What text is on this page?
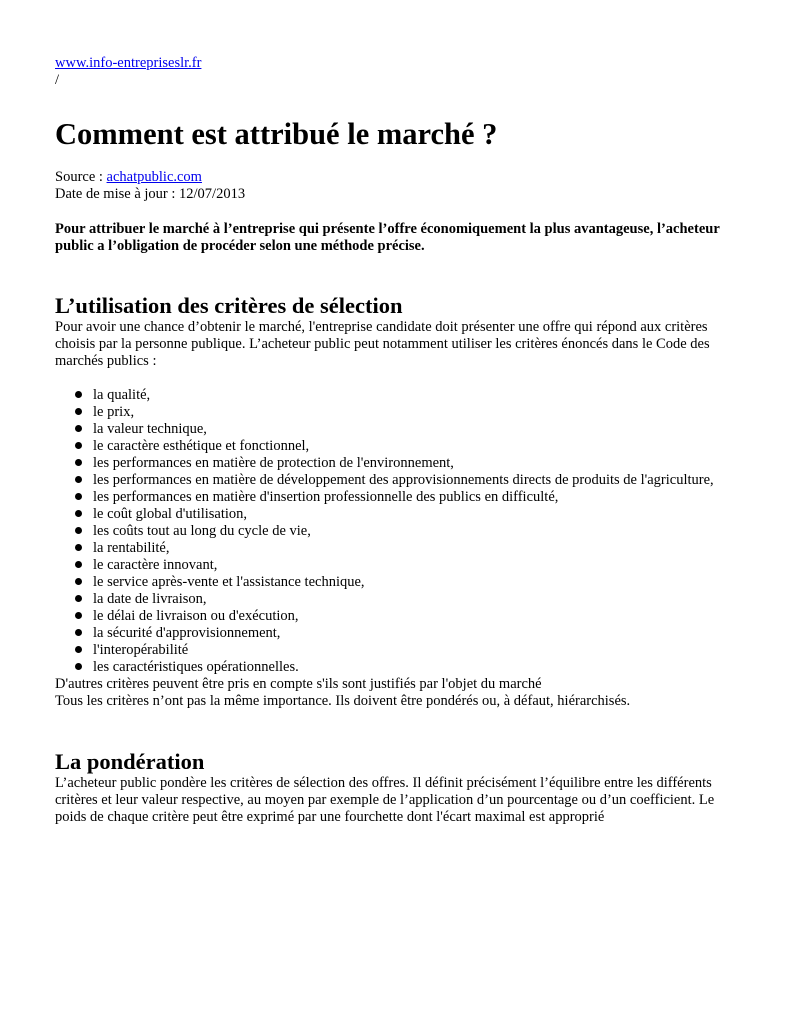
www.info-entrepriseslr.fr
/
Comment est attribué le marché ?
Source : achatpublic.com
Date de mise à jour : 12/07/2013
Pour attribuer le marché à l’entreprise qui présente l’offre économiquement la plus avantageuse, l’acheteur public a l’obligation de procéder selon une méthode précise.
L’utilisation des critères de sélection

Pour avoir une chance d’obtenir le marché, l'entreprise candidate doit présenter une offre qui répond aux critères choisis par la personne publique. L’acheteur public peut notamment utiliser les critères énoncés dans le Code des marchés publics :

la qualité,
le prix,
la valeur technique,
le caractère esthétique et fonctionnel,
les performances en matière de protection de l'environnement,
les performances en matière de développement des approvisionnements directs de produits de l'agriculture,
les performances en matière d'insertion professionnelle des publics en difficulté,
le coût global d'utilisation,
les coûts tout au long du cycle de vie,
la rentabilité,
le caractère innovant,
le service après-vente et l'assistance technique,
la date de livraison,
le délai de livraison ou d'exécution,
la sécurité d'approvisionnement,
l'interopérabilité
les caractéristiques opérationnelles.

D'autres critères peuvent être pris en compte s'ils sont justifiés par l'objet du marché

Tous les critères n’ont pas la même importance. Ils doivent être pondérés ou, à défaut, hiérarchisés.

La pondération

L’acheteur public pondère les critères de sélection des offres. Il définit précisément l’équilibre entre les différents critères et leur valeur respective, au moyen par exemple de l’application d’un pourcentage ou d’un coefficient. Le poids de chaque critère peut être exprimé par une fourchette dont l'écart maximal est approprié
